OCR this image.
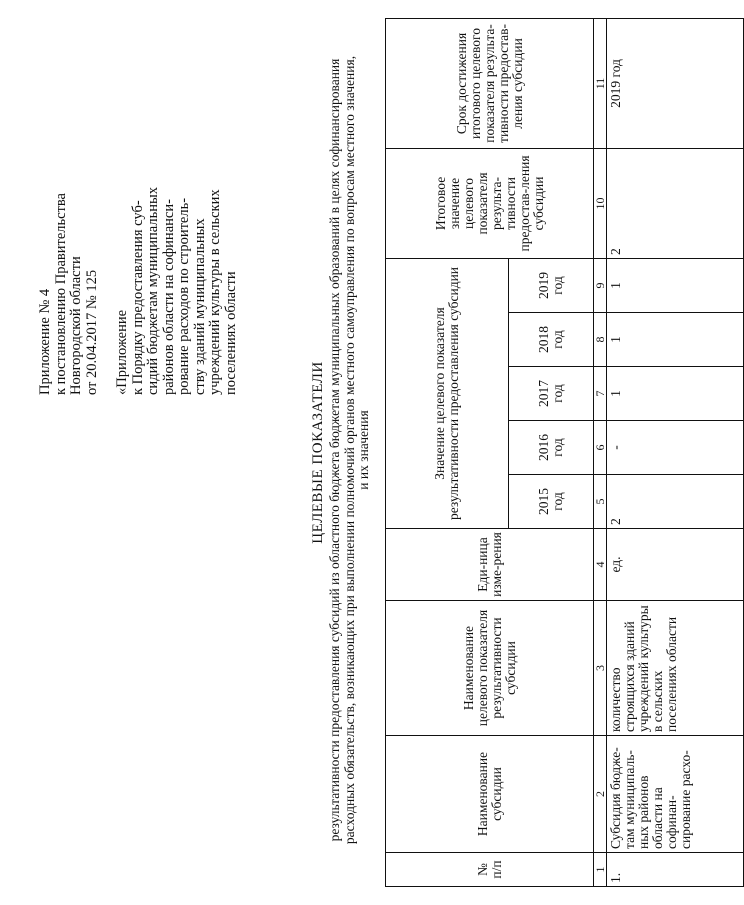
Приложение № 4 к постановлению Правительства Новгородской области от 20.04.2017 № 125 «Приложение к Порядку предоставления суб- сидий бюджетам муниципальных районов области на софинанси- рование расходов по строитель- ству зданий муниципальных учреждений культуры в сельских поселениях области
ЦЕЛЕВЫЕ ПОКАЗАТЕЛИ результативности предоставления субсидий из областного бюджета бюджетам муниципальных образований в целях софинансирования расходных обязательств, возникающих при выполнении полномочий органов местного самоуправления по вопросам местного значения, и их значения
№ п/п	Наименование субсидии	Наименование целевого показателя результативности субсидии	Еди-ница изме-рения	Значение целевого показателя результативности предоставления субсидии					Итоговое значение целевого показателя результа-тивности предостав-ления субсидии	Срок достижения итогового целевого показателя результа-тивности предостав-ления субсидии
				2015 год	2016 год	2017 год	2018 год	2019 год		
1	2	3	4	5	6	7	8	9	10	11
1.	Субсидия бюдже-там муниципаль-ных районов области на софинан-сирование расхо-	количество строящихся зданий учреждений культуры в сельских поселениях области	ед.	2	-	1	1	1	2	2019 год
